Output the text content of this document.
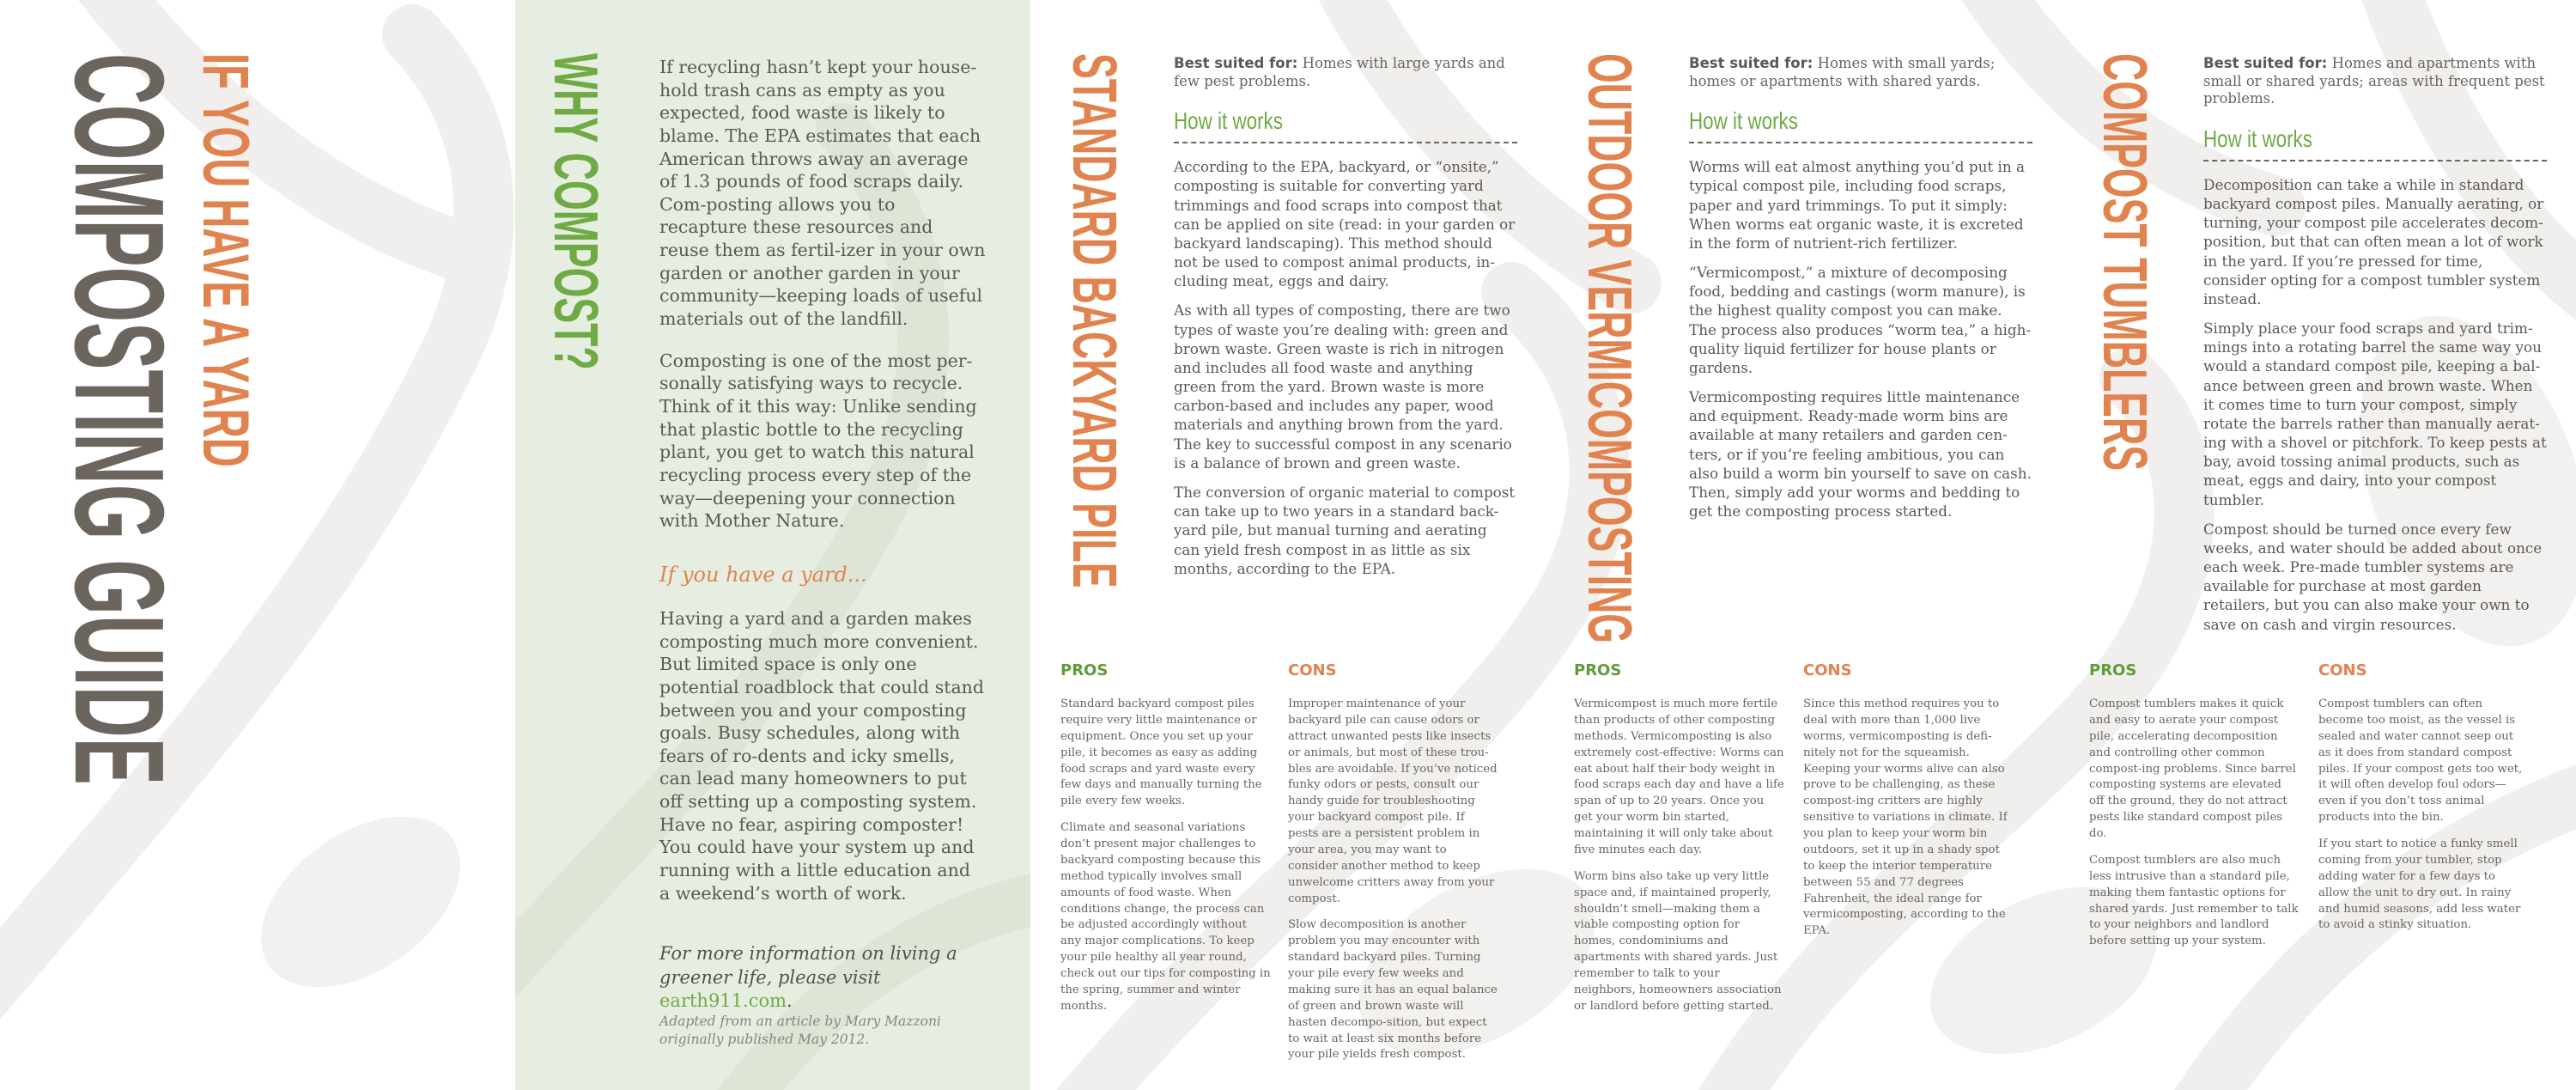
IF YOU HAVE A YARD
COMPOSTING GUIDE	WHY COMPOST?	If recycling hasn’t kept your house-hold trash cans as empty as you expected, food waste is likely to blame. The EPA estimates that each American throws away an average of 1.3 pounds of food scraps daily. Com-posting allows you to recapture these resources and reuse them as fertil-izer in your own garden or another garden in your community—keeping loads of useful materials out of the landfill.

Composting is one of the most per-sonally satisfying ways to recycle. Think of it this way: Unlike sending that plastic bottle to the recycling plant, you get to watch this natural recycling process every step of the way—deepening your connection with Mother Nature.

If you have a yard...

Having a yard and a garden makes composting much more convenient. But limited space is only one potential roadblock that could stand between you and your composting goals. Busy schedules, along with fears of ro-dents and icky smells, can lead many homeowners to put off setting up a composting system. Have no fear, aspiring composter! You could have your system up and running with a little education and a weekend’s worth of work.

For more information on living a greener life, please visit earth911.com.

Adapted from an article by Mary Mazzoni originally published May 2012.

STANDARD BACKYARD PILE	Best suited for: Homes with large yards and few pest problems.

How it works

According to the EPA, backyard, or “onsite,” composting is suitable for converting yard trimmings and food scraps into compost that can be applied on site (read: in your garden or backyard landscaping). This method should not be used to compost animal products, in-cluding meat, eggs and dairy.

As with all types of composting, there are two types of waste you’re dealing with: green and brown waste. Green waste is rich in nitrogen and includes all food waste and anything green from the yard. Brown waste is more carbon-based and includes any paper, wood materials and anything brown from the yard. The key to successful compost in any scenario is a balance of brown and green waste.

The conversion of organic material to compost can take up to two years in a standard back-yard pile, but manual turning and aerating can yield fresh compost in as little as six months, according to the EPA.

PROS

Standard backyard compost piles require very little maintenance or equipment. Once you set up your pile, it becomes as easy as adding food scraps and yard waste every few days and manually turning the pile every few weeks.

Climate and seasonal variations don’t present major challenges to backyard composting because this method typically involves small amounts of food waste. When conditions change, the process can be adjusted accordingly without any major complications. To keep your pile healthy all year round, check out our tips for composting in the spring, summer and winter months.

CONS

Improper maintenance of your backyard pile can cause odors or attract unwanted pests like insects or animals, but most of these trou-bles are avoidable. If you’ve noticed funky odors or pests, consult our handy guide for troubleshooting your backyard compost pile. If pests are a persistent problem in your area, you may want to consider another method to keep unwelcome critters away from your compost.

Slow decomposition is another problem you may encounter with standard backyard piles. Turning your pile every few weeks and making sure it has an equal balance of green and brown waste will hasten decompo-sition, but expect to wait at least six months before your pile yields fresh compost.

OUTDOOR VERMICOMPOSTING	Best suited for: Homes with small yards; homes or apartments with shared yards.

How it works

Worms will eat almost anything you’d put in a typical compost pile, including food scraps, paper and yard trimmings. To put it simply: When worms eat organic waste, it is excreted in the form of nutrient-rich fertilizer.

“Vermicompost,” a mixture of decomposing food, bedding and castings (worm manure), is the highest quality compost you can make. The process also produces “worm tea,” a high-quality liquid fertilizer for house plants or gardens.

Vermicomposting requires little maintenance and equipment. Ready-made worm bins are available at many retailers and garden cen-ters, or if you’re feeling ambitious, you can also build a worm bin yourself to save on cash. Then, simply add your worms and bedding to get the composting process started.

PROS

Vermicompost is much more fertile than products of other composting methods. Vermicomposting is also extremely cost-effective: Worms can eat about half their body weight in food scraps each day and have a life span of up to 20 years. Once you get your worm bin started, maintaining it will only take about five minutes each day.

Worm bins also take up very little space and, if maintained properly, shouldn’t smell—making them a viable composting option for homes, condominiums and apartments with shared yards. Just remember to talk to your neighbors, homeowners association or landlord before getting started.

CONS

Since this method requires you to deal with more than 1,000 live worms, vermicomposting is defi-nitely not for the squeamish. Keeping your worms alive can also prove to be challenging, as these compost-ing critters are highly sensitive to variations in climate. If you plan to keep your worm bin outdoors, set it up in a shady spot to keep the interior temperature between 55 and 77 degrees Fahrenheit, the ideal range for vermicomposting, according to the EPA.

COMPOST TUMBLERS	Best suited for: Homes and apartments with small or shared yards; areas with frequent pest problems.

How it works

Decomposition can take a while in standard backyard compost piles. Manually aerating, or turning, your compost pile accelerates decom-position, but that can often mean a lot of work in the yard. If you’re pressed for time, consider opting for a compost tumbler system instead.

Simply place your food scraps and yard trim-mings into a rotating barrel the same way you would a standard compost pile, keeping a bal-ance between green and brown waste. When it comes time to turn your compost, simply rotate the barrels rather than manually aerat-ing with a shovel or pitchfork. To keep pests at bay, avoid tossing animal products, such as meat, eggs and dairy, into your compost tumbler.

Compost should be turned once every few weeks, and water should be added about once each week. Pre-made tumbler systems are available for purchase at most garden retailers, but you can also make your own to save on cash and virgin resources.

PROS

Compost tumblers makes it quick and easy to aerate your compost pile, accelerating decomposition and controlling other common compost-ing problems. Since barrel composting systems are elevated off the ground, they do not attract pests like standard compost piles do.

Compost tumblers are also much less intrusive than a standard pile, making them fantastic options for shared yards. Just remember to talk to your neighbors and landlord before setting up your system.

CONS

Compost tumblers can often become too moist, as the vessel is sealed and water cannot seep out as it does from standard compost piles. If your compost gets too wet, it will often develop foul odors—even if you don’t toss animal products into the bin.

If you start to notice a funky smell coming from your tumbler, stop adding water for a few days to allow the unit to dry out. In rainy and humid seasons, add less water to avoid a stinky situation.
